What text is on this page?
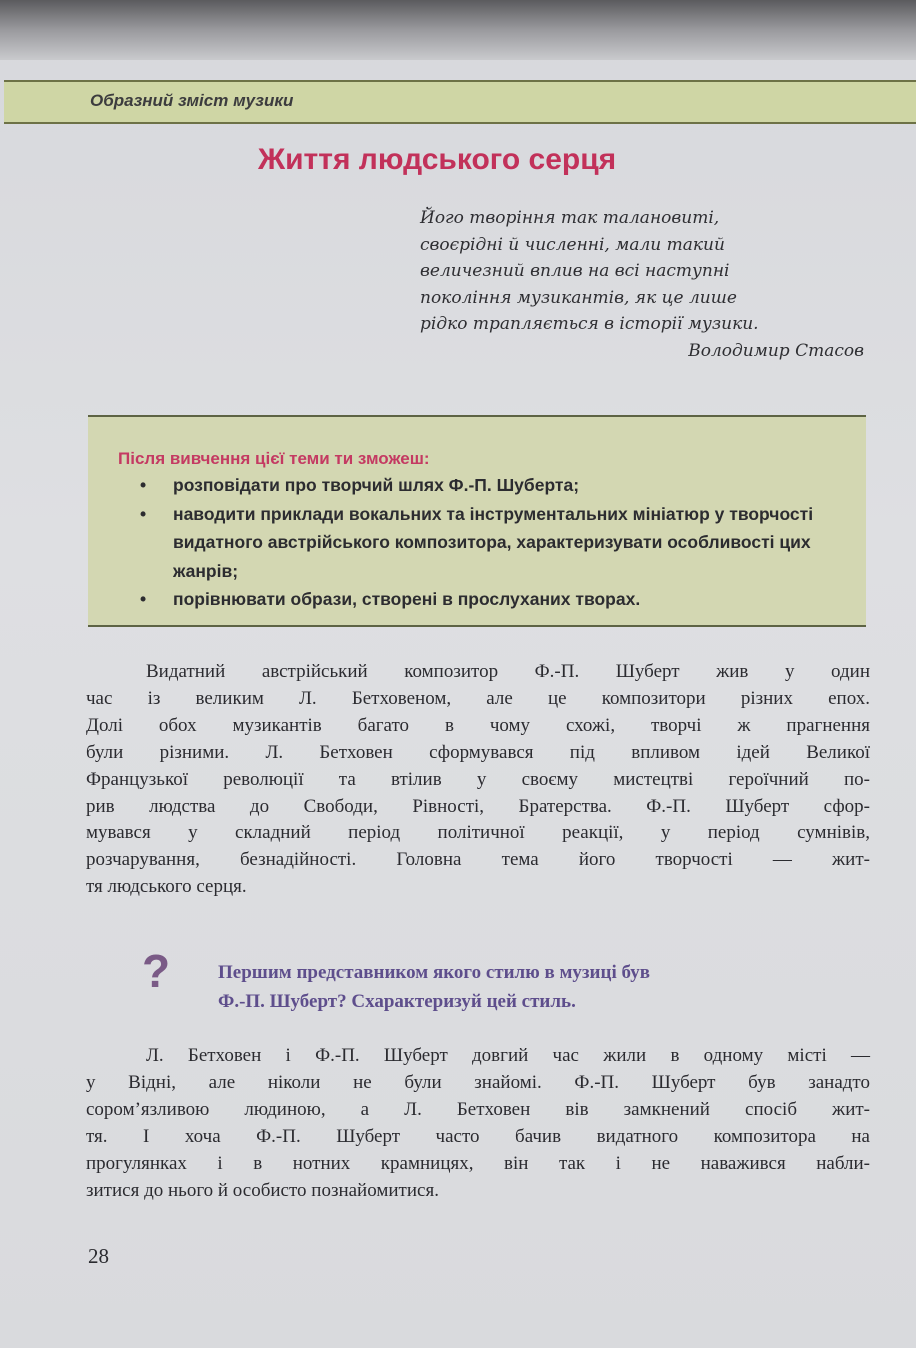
Образний зміст музики
Життя людського серця
Його творіння так талановиті,
своєрідні й численні, мали такий
величезний вплив на всі наступні
покоління музикантів, як це лише
рідко трапляється в історії музики.
Володимир Стасов
Після вивчення цієї теми ти зможеш:
• розповідати про творчий шлях Ф.-П. Шуберта;
• наводити приклади вокальних та інструментальних мініатюр у творчості видатного австрійського композитора, характеризувати особливості цих жанрів;
• порівнювати образи, створені в прослуханих творах.
Видатний австрійський композитор Ф.-П. Шуберт жив у один
час із великим Л. Бетховеном, але це композитори різних епох.
Долі обох музикантів багато в чому схожі, творчі ж прагнення
були різними. Л. Бетховен сформувався під впливом ідей Великої
Французької революції та втілив у своєму мистецтві героїчний по-
рив людства до Свободи, Рівності, Братерства. Ф.-П. Шуберт сфор-
мувався у складний період політичної реакції, у період сумнівів,
розчарування, безнадійності. Головна тема його творчості — жит-
тя людського серця.
?	Першим представником якого стилю в музиці був
Ф.-П. Шуберт? Схарактеризуй цей стиль.
Л. Бетховен і Ф.-П. Шуберт довгий час жили в одному місті —
у Відні, але ніколи не були знайомі. Ф.-П. Шуберт був занадто
сором’язливою людиною, а Л. Бетховен вів замкнений спосіб жит-
тя. І хоча Ф.-П. Шуберт часто бачив видатного композитора на
прогулянках і в нотних крамницях, він так і не наважився набли-
зитися до нього й особисто познайомитися.
28
